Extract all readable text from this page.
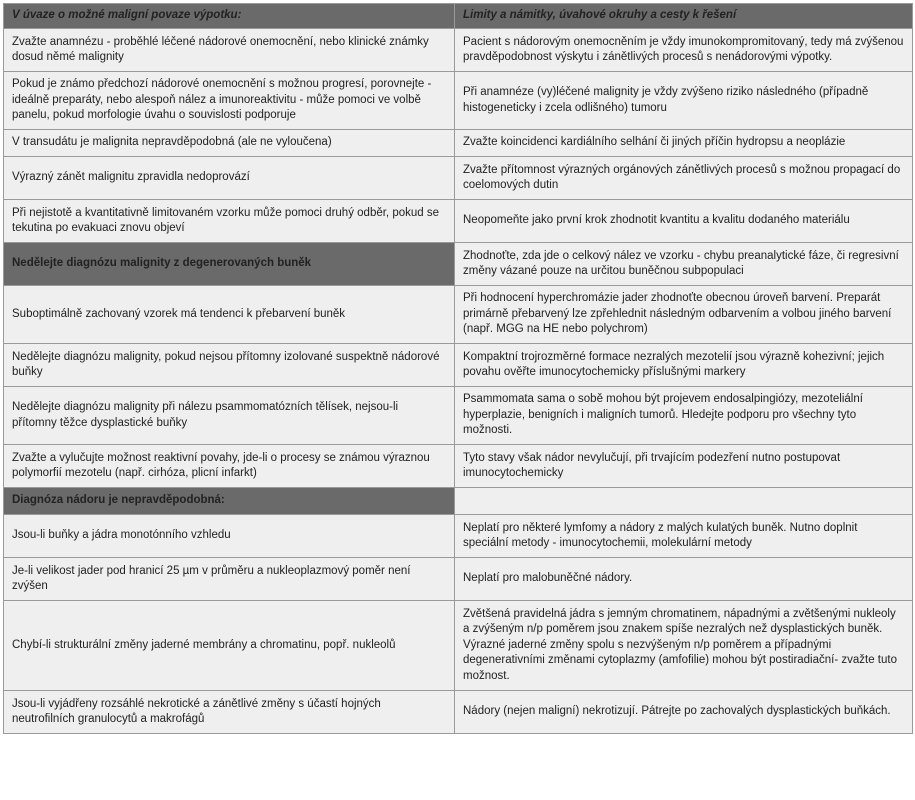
V úvaze o možné maligní povaze výpotku:	Limity a námitky, úvahové okruhy a cesty k řešení
Zvažte anamnézu - proběhlé léčené nádorové onemocnění, nebo klinické známky dosud němé malignity	Pacient s nádorovým onemocněním je vždy imunokompromitovaný, tedy má zvýšenou pravděpodobnost výskytu i zánětlivých procesů s nenádorovými výpotky.
Pokud je známo předchozí nádorové onemocnění s možnou progresí, porovnejte - ideálně preparáty, nebo alespoň nález a imunoreaktivitu - může pomoci ve volbě panelu, pokud morfologie úvahu o souvislosti podporuje	Při anamnéze (vy)léčené malignity je vždy zvýšeno riziko následného (případně histogeneticky i zcela odlišného) tumoru
V transudátu je malignita nepravděpodobná (ale ne vyloučena)	Zvažte koincidenci kardiálního selhání či jiných příčin hydropsu a neoplázie
Výrazný zánět malignitu zpravidla nedoprovází	Zvažte přítomnost výrazných orgánových zánětlivých procesů s možnou propagací do coelomových dutin
Při nejistotě a kvantitativně limitovaném vzorku může pomoci druhý odběr, pokud se tekutina po evakuaci znovu objeví	Neopomeňte jako první krok zhodnotit kvantitu a kvalitu dodaného materiálu
Nedělejte diagnózu malignity z degenerovaných buněk	Zhodnoťte, zda jde o celkový nález ve vzorku - chybu preanalytické fáze, či regresivní změny vázané pouze na určitou buněčnou subpopulaci
Suboptimálně zachovaný vzorek má tendenci k přebarvení buněk	Při hodnocení hyperchromázie jader zhodnoťte obecnou úroveň barvení. Preparát primárně přebarvený lze zpřehlednit následným odbarvením a volbou jiného barvení (např. MGG na HE nebo polychrom)
Nedělejte diagnózu malignity, pokud nejsou přítomny izolované suspektně nádorové buňky	Kompaktní trojrozměrné formace nezralých mezotelií jsou výrazně kohezivní; jejich povahu ověřte imunocytochemicky příslušnými markery
Nedělejte diagnózu malignity při nálezu psammomatózních tělísek, nejsou-li přítomny těžce dysplastické buňky	Psammomata sama o sobě mohou být projevem endosalpingiózy, mezoteliální hyperplazie, benigních i maligních tumorů. Hledejte podporu pro všechny tyto možnosti.
Zvažte a vylučujte možnost reaktivní povahy, jde-li o procesy se známou výraznou polymorfií mezotelu (např. cirhóza, plicní infarkt)	Tyto stavy však nádor nevylučují, při trvajícím podezření nutno postupovat imunocytochemicky
Diagnóza nádoru je nepravděpodobná:	
Jsou-li buňky a jádra monotónního vzhledu	Neplatí pro některé lymfomy a nádory z malých kulatých buněk. Nutno doplnit speciální metody - imunocytochemii, molekulární metody
Je-li velikost jader pod hranicí 25 µm v průměru a nukleoplazmový poměr není zvýšen	Neplatí pro malobuněčné nádory.
Chybí-li strukturální změny jaderné membrány a chromatinu, popř. nukleolů	Zvětšená pravidelná jádra s jemným chromatinem, nápadnými a zvětšenými nukleoly a zvýšeným n/p poměrem jsou znakem spíše nezralých než dysplastických buněk. Výrazné jaderné změny spolu s nezvýšeným n/p poměrem a případnými degenerativními změnami cytoplazmy (amfofilie) mohou být postiradiační- zvažte tuto možnost.
Jsou-li vyjádřeny rozsáhlé nekrotické a zánětlivé změny s účastí hojných neutrofilních granulocytů a makrofágů	Nádory (nejen maligní) nekrotizují. Pátrejte po zachovalých dysplastických buňkách.
